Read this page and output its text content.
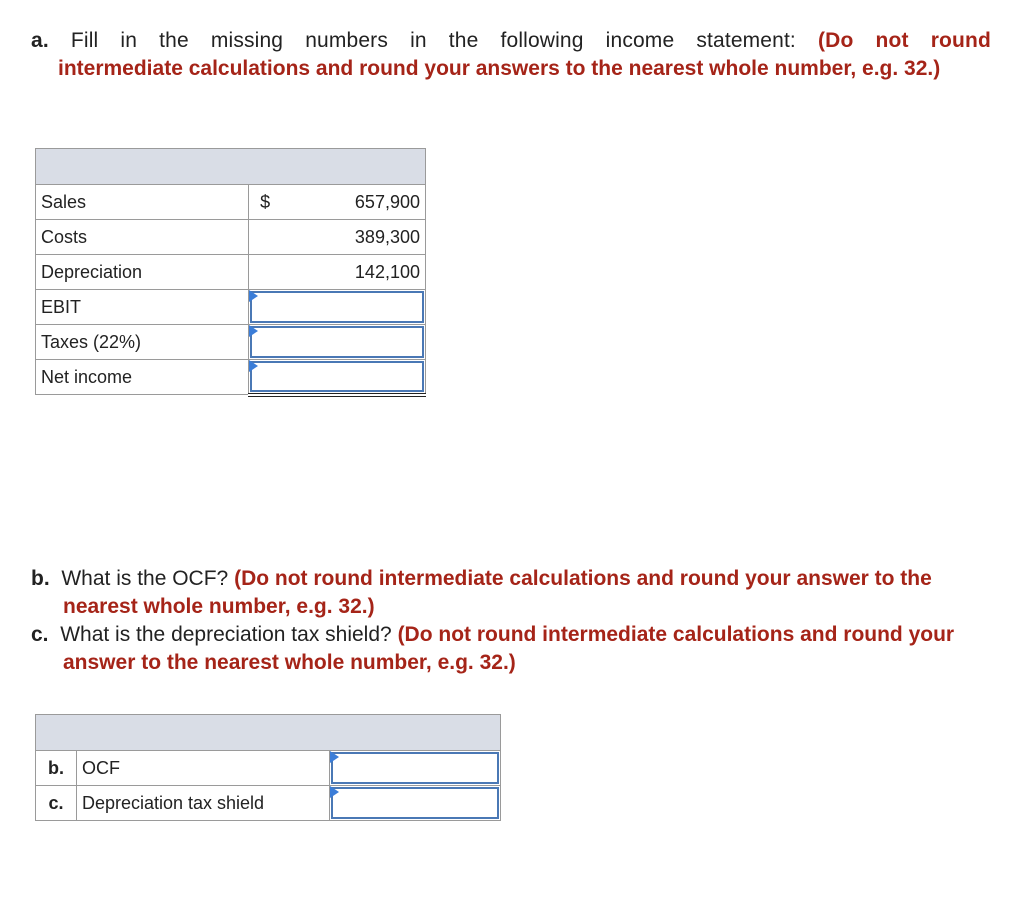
a. Fill in the missing numbers in the following income statement: (Do not round
intermediate calculations and round your answers to the nearest whole number, e.g. 32.)

Sales	$	657,900
Costs		389,300
Depreciation		142,100
EBIT	

Taxes (22%)	

Net income	
b. What is the OCF? (Do not round intermediate calculations and round your answer to the nearest whole number, e.g. 32.)
c. What is the depreciation tax shield? (Do not round intermediate calculations and round your answer to the nearest whole number, e.g. 32.)

b.	OCF	

c.	Depreciation tax shield	
